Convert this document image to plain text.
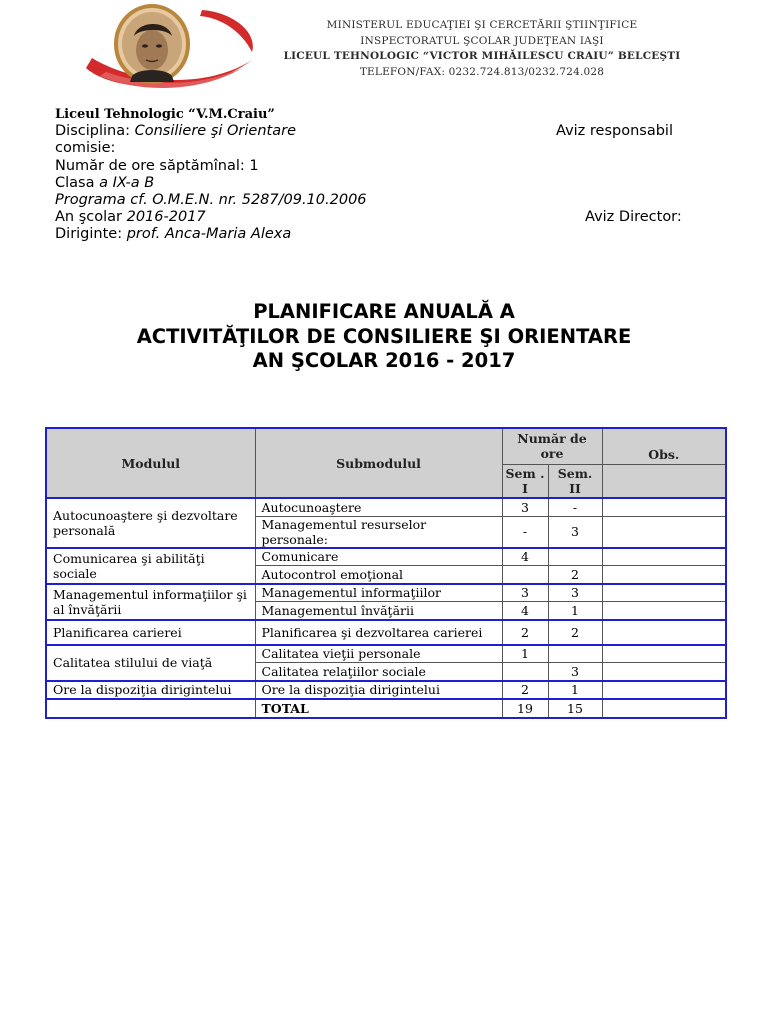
MINISTERUL EDUCAŢIEI ŞI CERCETĂRII ŞTIINŢIFICE
INSPECTORATUL ŞCOLAR JUDEŢEAN IAŞI
LICEUL TEHNOLOGIC “VICTOR MIHĂILESCU CRAIU” BELCEŞTI
TELEFON/FAX: 0232.724.813/0232.724.028
Liceul Tehnologic “V.M.Craiu”
Disciplina: Consiliere şi Orientare	Aviz responsabil
comisie:
Număr de ore săptămînal: 1
Clasa a IX-a B
Programa cf. O.M.E.N. nr. 5287/09.10.2006
An şcolar 2016-2017	Aviz Director:
Diriginte: prof. Anca-Maria Alexa
PLANIFICARE ANUALĂ A
ACTIVITĂŢILOR DE CONSILIERE ŞI ORIENTARE
AN ŞCOLAR 2016 - 2017
Modulul	Submodulul	Număr de ore		Obs.
		Sem . I	Sem. II	
Autocunoaştere şi dezvoltare personală	Autocunoaştere	3	-	
	Managementul resurselor personale:	-	3	
Comunicarea şi abilităţi sociale	Comunicare	4		
	Autocontrol emoţional		2	
Managementul informaţiilor şi al învăţării	Managementul informaţiilor	3	3	
	Managementul învăţării	4	1	
Planificarea carierei	Planificarea şi dezvoltarea carierei	2	2	
Calitatea stilului de viaţă	Calitatea vieţii personale	1		
	Calitatea relaţiilor sociale		3	
Ore la dispoziţia dirigintelui	Ore la dispoziţia dirigintelui	2	1	
	TOTAL	19	15	
